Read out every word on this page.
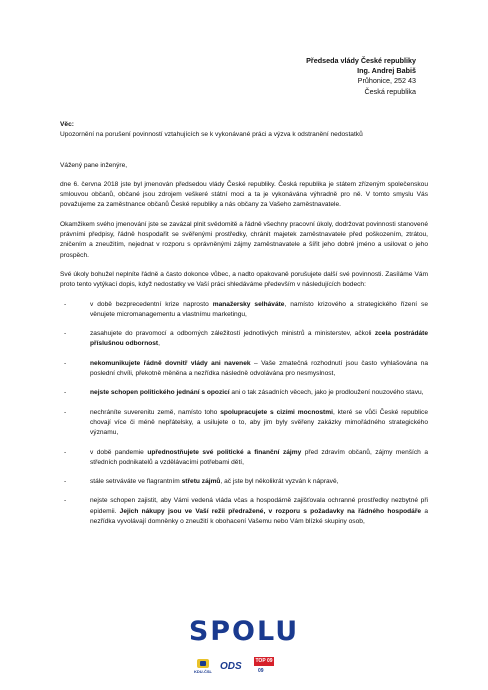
Předseda vlády České republiky
Ing. Andrej Babiš
Průhonice, 252 43
Česká republika

Věc:

Upozornění na porušení povinností vztahujících se k vykonávané práci a výzva k odstranění nedostatků

Vážený pane inženýre,

dne 6. června 2018 jste byl jmenován předsedou vlády České republiky. Česká republika je státem zřízeným společenskou smlouvou občanů, občané jsou zdrojem veškeré státní moci a ta je vykonávána výhradně pro ně. V tomto smyslu Vás považujeme za zaměstnance občanů České republiky a nás občany za Vašeho zaměstnavatele.

Okamžikem svého jmenování jste se zavázal plnit svědomitě a řádně všechny pracovní úkoly, dodržovat povinnosti stanovené právními předpisy, řádně hospodařit se svěřenými prostředky, chránit majetek zaměstnavatele před poškozením, ztrátou, zničením a zneužitím, nejednat v rozporu s oprávněnými zájmy zaměstnavatele a šířit jeho dobré jméno a usilovat o jeho prospěch.

Své úkoly bohužel neplníte řádně a často dokonce vůbec, a nadto opakovaně porušujete další své povinnosti. Zasíláme Vám proto tento vytýkací dopis, když nedostatky ve Vaší práci shledáváme především v následujících bodech:

-	v době bezprecedentní krize naprosto manažersky selháváte, namísto krizového a strategického řízení se věnujete micromanagementu a vlastnímu marketingu,
-	zasahujete do pravomocí a odborných záležitostí jednotlivých ministrů a ministerstev, ačkoli zcela postrádáte příslušnou odbornost,
-	nekomunikujete řádně dovnitř vlády ani navenek – Vaše zmatečná rozhodnutí jsou často vyhlašována na poslední chvíli, překotně měněna a nezřídka následně odvolávána pro nesmyslnost,
-	nejste schopen politického jednání s opozicí ani o tak zásadních věcech, jako je prodloužení nouzového stavu,
-	nechráníte suverenitu země, namísto toho spolupracujete s cizími mocnostmi, které se vůči České republice chovají více či méně nepřátelsky, a usilujete o to, aby jim byly svěřeny zakázky mimořádného strategického významu,
-	v době pandemie upřednostňujete své politické a finanční zájmy před zdravím občanů, zájmy menších a středních podnikatelů a vzdělávacími potřebami dětí,
-	stále setrváváte ve flagrantním střetu zájmů, ač jste byl několikrát vyzván k nápravě,
-	nejste schopen zajistit, aby Vámi vedená vláda včas a hospodárně zajišťovala ochranné prostředky nezbytné při epidemii. Jejich nákupy jsou ve Vaší režii předražené, v rozporu s požadavky na řádného hospodáře a nezřídka vyvolávají domněnky o zneužití k obohacení Vašemu nebo Vám blízké skupiny osob,
SPOLU
KDU-ČSL ODS	TOP 09
09
